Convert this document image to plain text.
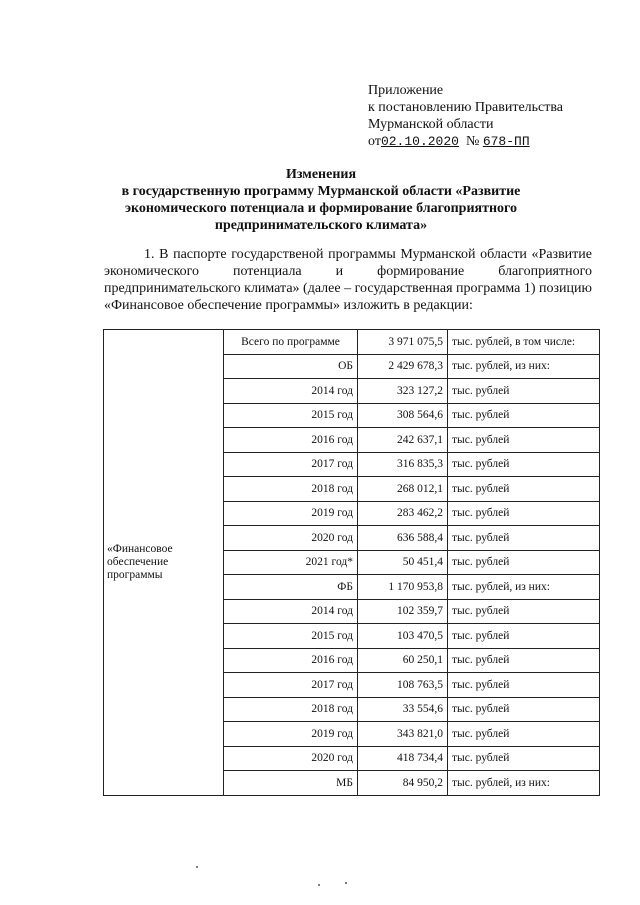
Приложение
к постановлению Правительства
Мурманской области
от02.10.2020 № 678-ПП
Изменения
в государственную программу Мурманской области «Развитие
экономического потенциала и формирование благоприятного
предпринимательского климата»
1. В паспорте государственой программы Мурманской области «Развитие экономического потенциала и формирование благоприятного предпринимательского климата» (далее – государственная программа 1) позицию «Финансовое обеспечение программы» изложить в редакции:
«Финансовое обеспечение программы	Всего по программе	3 971 075,5	тыс. рублей, в том числе:
	ОБ	2 429 678,3	тыс. рублей, из них:
	2014 год	323 127,2	тыс. рублей
	2015 год	308 564,6	тыс. рублей
	2016 год	242 637,1	тыс. рублей
	2017 год	316 835,3	тыс. рублей
	2018 год	268 012,1	тыс. рублей
	2019 год	283 462,2	тыс. рублей
	2020 год	636 588,4	тыс. рублей
	2021 год*	50 451,4	тыс. рублей
	ФБ	1 170 953,8	тыс. рублей, из них:
	2014 год	102 359,7	тыс. рублей
	2015 год	103 470,5	тыс. рублей
	2016 год	60 250,1	тыс. рублей
	2017 год	108 763,5	тыс. рублей
	2018 год	33 554,6	тыс. рублей
	2019 год	343 821,0	тыс. рублей
	2020 год	418 734,4	тыс. рублей
	МБ	84 950,2	тыс. рублей, из них:
